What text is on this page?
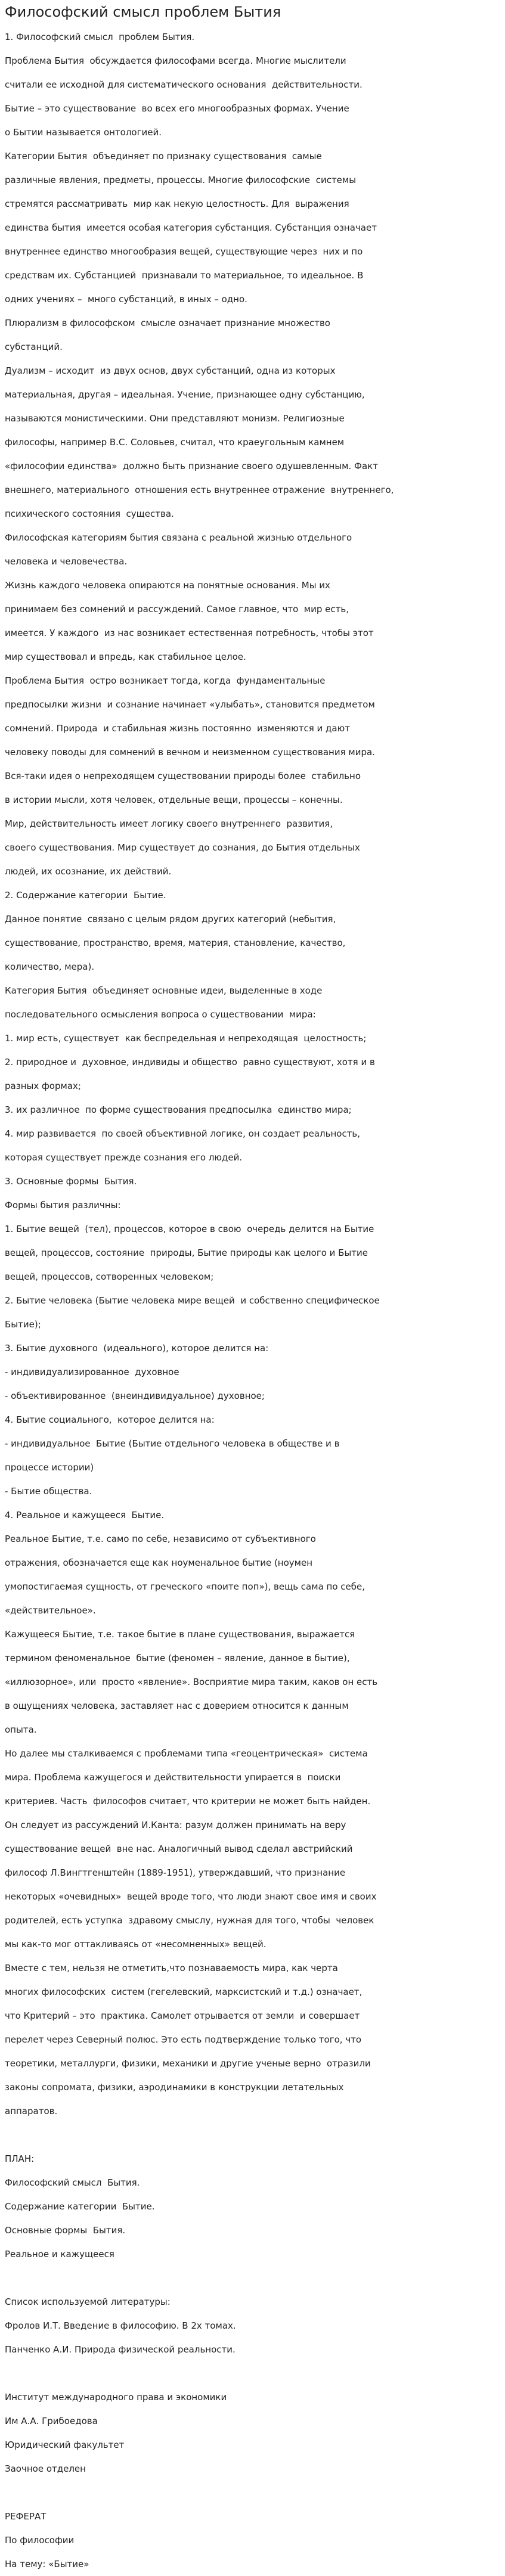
Философский смысл проблем Бытия

1. Философский смысл  проблем Бытия.

Проблема Бытия  обсуждается философами всегда. Многие мыслители

считали ее исходной для систематического основания  действительности.

Бытие – это существование  во всех его многообразных формах. Учение

о Бытии называется онтологией.

Категории Бытия  объединяет по признаку существования  самые

различные явления, предметы, процессы. Многие философские  системы

стремятся рассматривать  мир как некую целостность. Для  выражения

единства бытия  имеется особая категория субстанция. Субстанция означает

внутреннее единство многообразия вещей, существующие через  них и по

средствам их. Субстанцией  признавали то материальное, то идеальное. В

одних учениях –  много субстанций, в иных – одно.

Плюрализм в философском  смысле означает признание множество

субстанций.

Дуализм – исходит  из двух основ, двух субстанций, одна из которых

материальная, другая – идеальная. Учение, признающее одну субстанцию,

называются монистическими. Они представляют монизм. Религиозные

философы, например В.С. Соловьев, считал, что краеугольным камнем

«философии единства»  должно быть признание своего одушевленным. Факт

внешнего, материального  отношения есть внутреннее отражение  внутреннего,

психического состояния  существа.

Философская категориям бытия связана с реальной жизнью отдельного

человека и человечества.

Жизнь каждого человека опираются на понятные основания. Мы их

принимаем без сомнений и рассуждений. Самое главное, что  мир есть,

имеется. У каждого  из нас возникает естественная потребность, чтобы этот

мир существовал и впредь, как стабильное целое.

Проблема Бытия  остро возникает тогда, когда  фундаментальные

предпосылки жизни  и сознание начинает «улыбать», становится предметом

сомнений. Природа  и стабильная жизнь постоянно  изменяются и дают

человеку поводы для сомнений в вечном и неизменном существования мира.

Вся-таки идея о непреходящем существовании природы более  стабильно

в истории мысли, хотя человек, отдельные вещи, процессы – конечны.

Мир, действительность имеет логику своего внутреннего  развития,

своего существования. Мир существует до сознания, до Бытия отдельных

людей, их осознание, их действий.

2. Содержание категории  Бытие.

Данное понятие  связано с целым рядом других категорий (небытия,

существование, пространство, время, материя, становление, качество,

количество, мера).

Категория Бытия  объединяет основные идеи, выделенные в ходе

последовательного осмысления вопроса о существовании  мира:

1. мир есть, существует  как беспредельная и непреходящая  целостность;

2. природное и  духовное, индивиды и общество  равно существуют, хотя и в

разных формах;

3. их различное  по форме существования предпосылка  единство мира;

4. мир развивается  по своей объективной логике, он создает реальность,

которая существует прежде сознания его людей.

3. Основные формы  Бытия.

Формы бытия различны:

1. Бытие вещей  (тел), процессов, которое в свою  очередь делится на Бытие

вещей, процессов, состояние  природы, Бытие природы как целого и Бытие

вещей, процессов, сотворенных человеком;

2. Бытие человека (Бытие человека мире вещей  и собственно специфическое

Бытие);

3. Бытие духовного  (идеального), которое делится на:

- индивидуализированное  духовное

- объективированное  (внеиндивидуальное) духовное;

4. Бытие социального,  которое делится на:

- индивидуальное  Бытие (Бытие отдельного человека в обществе и в

процессе истории)

- Бытие общества.

4. Реальное и кажущееся  Бытие.

Реальное Бытие, т.е. само по себе, независимо от субъективного

отражения, обозначается еще как ноуменальное бытие (ноумен

умопостигаемая сущность, от греческого «поите поп»), вещь сама по себе,

«действительное».

Кажущееся Бытие, т.е. такое бытие в плане существования, выражается

термином феноменальное  бытие (феномен – явление, данное в бытие),

«иллюзорное», или  просто «явление». Восприятие мира таким, каков он есть

в ощущениях человека, заставляет нас с доверием относится к данным

опыта.

Но далее мы сталкиваемся с проблемами типа «геоцентрическая»  система

мира. Проблема кажущегося и действительности упирается в  поиски

критериев. Часть  философов считает, что критерии не может быть найден.

Он следует из рассуждений И.Канта: разум должен принимать на веру

существование вещей  вне нас. Аналогичный вывод сделал австрийский

философ Л.Вингтгенштейн (1889-1951), утверждавший, что признание

некоторых «очевидных»  вещей вроде того, что люди знают свое имя и своих

родителей, есть уступка  здравому смыслу, нужная для того, чтобы  человек

мы как-то мог оттакливаясь от «несомненных» вещей.

Вместе с тем, нельзя не отметить,что познаваемость мира, как черта

многих философских  систем (гегелевский, марксистский и т.д.) означает,

что Критерий – это  практика. Самолет отрывается от земли  и совершает

перелет через Северный полюс. Это есть подтверждение только того, что

теоретики, металлурги, физики, механики и другие ученые верно  отразили

законы сопромата, физики, аэродинамики в конструкции летательных

аппаратов.

ПЛАН:

Философский смысл  Бытия.

Содержание категории  Бытие.

Основные формы  Бытия.

Реальное и кажущееся

Список используемой литературы:

Фролов И.Т. Введение в философию. В 2х томах.

Панченко А.И. Природа физической реальности.

Институт международного права и экономики

Им А.А. Грибоедова

Юридический факультет

Заочное отделен

РЕФЕРАТ

По философии

На тему: «Бытие»
